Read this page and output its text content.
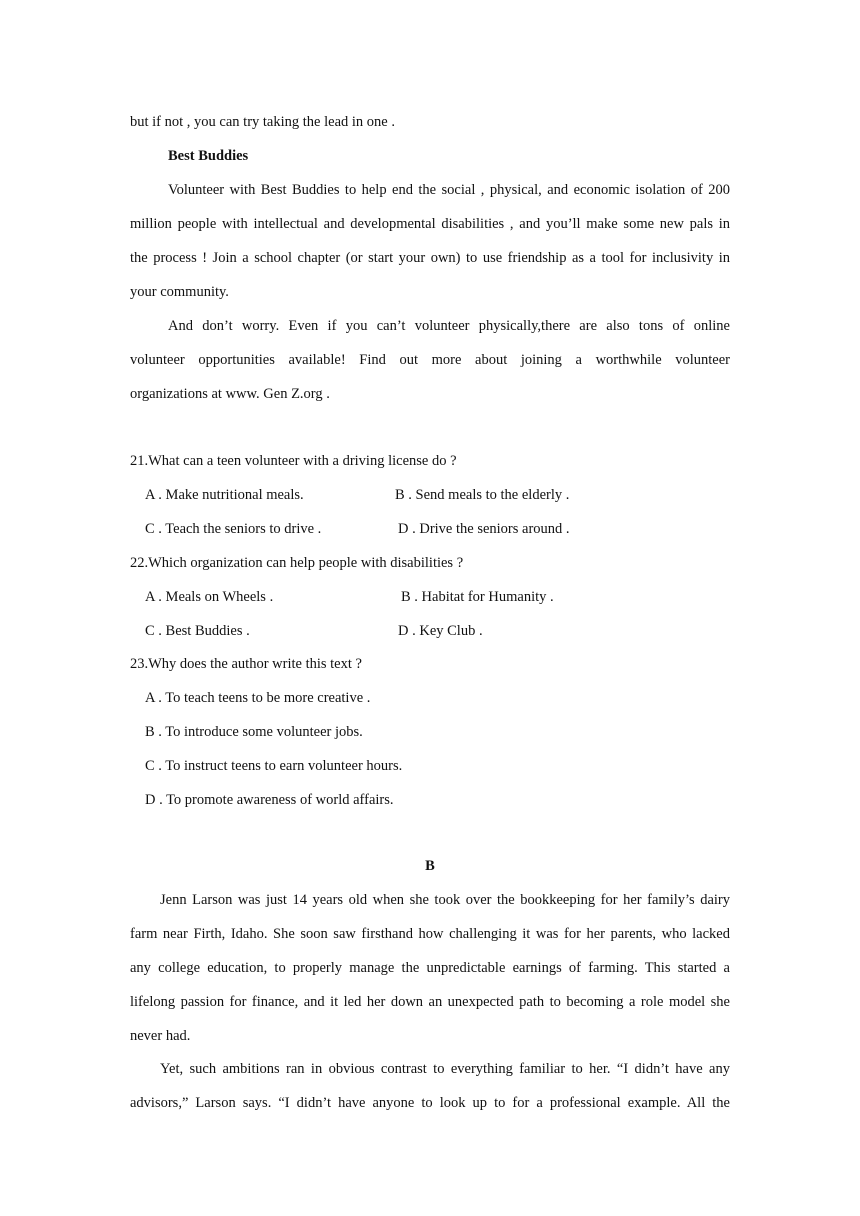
but if not , you can try taking the lead in one .
Best Buddies
Volunteer with Best Buddies to help end the social , physical, and economic isolation of 200
million people with intellectual and developmental disabilities , and you’ll make some new pals in
the process ! Join a school chapter (or start your own) to use friendship as a tool for inclusivity in
your community.
And don’t worry. Even if you can’t volunteer physically,there are also tons of online
volunteer opportunities available! Find out more about joining a worthwhile volunteer
organizations at www. Gen Z.org .
21.What can a teen volunteer with a driving license do ?
A . Make nutritional meals.	B . Send meals to the elderly .
C . Teach the seniors to drive .	D . Drive the seniors around .
22.Which organization can help people with disabilities ?
A . Meals on Wheels .	B . Habitat for Humanity .
C . Best Buddies .	D . Key Club .
23.Why does the author write this text ?
A . To teach teens to be more creative .
B . To introduce some volunteer jobs.
C . To instruct teens to earn volunteer hours.
D . To promote awareness of world affairs.
B
Jenn Larson was just 14 years old when she took over the bookkeeping for her family’s dairy
farm near Firth, Idaho. She soon saw firsthand how challenging it was for her parents, who lacked
any college education, to properly manage the unpredictable earnings of farming. This started a
lifelong passion for finance, and it led her down an unexpected path to becoming a role model she
never had.
Yet, such ambitions ran in obvious contrast to everything familiar to her. “I didn’t have any
advisors,” Larson says. “I didn’t have anyone to look up to for a professional example. All the
